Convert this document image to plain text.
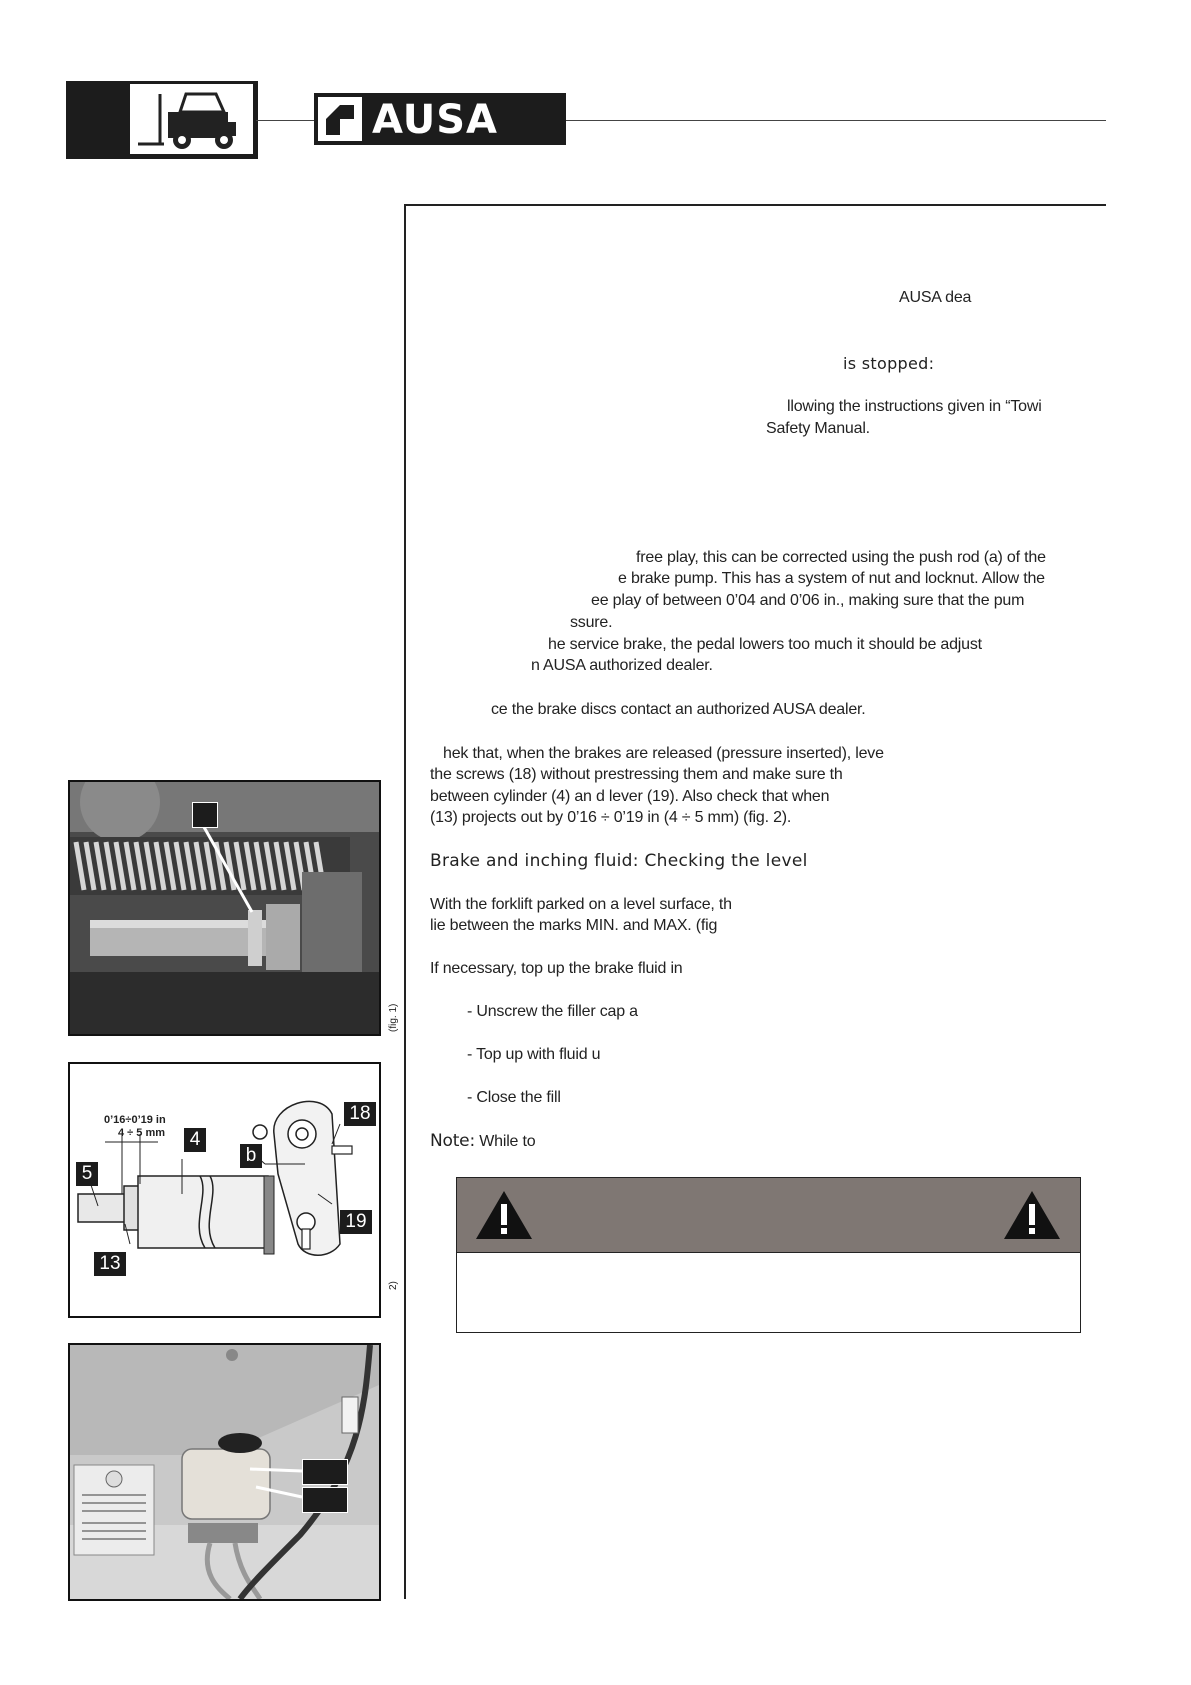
AUSA
AUSA dea
is stopped:
llowing the instructions given in “Towi
Safety Manual.
free play, this can be corrected using the push rod (a) of the
e brake pump. This has a system of nut and locknut. Allow the
ee play of between 0’04 and 0’06 in., making sure that the pum
ssure.
he service brake, the pedal lowers too much it should be adjust
n AUSA authorized dealer.
ce the brake discs contact an authorized AUSA dealer.
hek that, when the brakes are released (pressure inserted), leve
the screws (18) without prestressing them and make sure th
between cylinder (4) an d lever (19). Also check that when
(13) projects out by 0’16 ÷ 0’19 in (4 ÷ 5 mm) (fig. 2).
Brake and inching fluid: Checking the level
With the forklift parked on a level surface, th
lie between the marks MIN. and MAX. (fig
If necessary, top up the brake fluid in
- Unscrew the filler cap a
- Top up with fluid u
- Close the fill
Note: While to
(fig. 1)
0’16÷0’19 in
4 ÷ 5 mm	4
5
13
18
19
b
2)
